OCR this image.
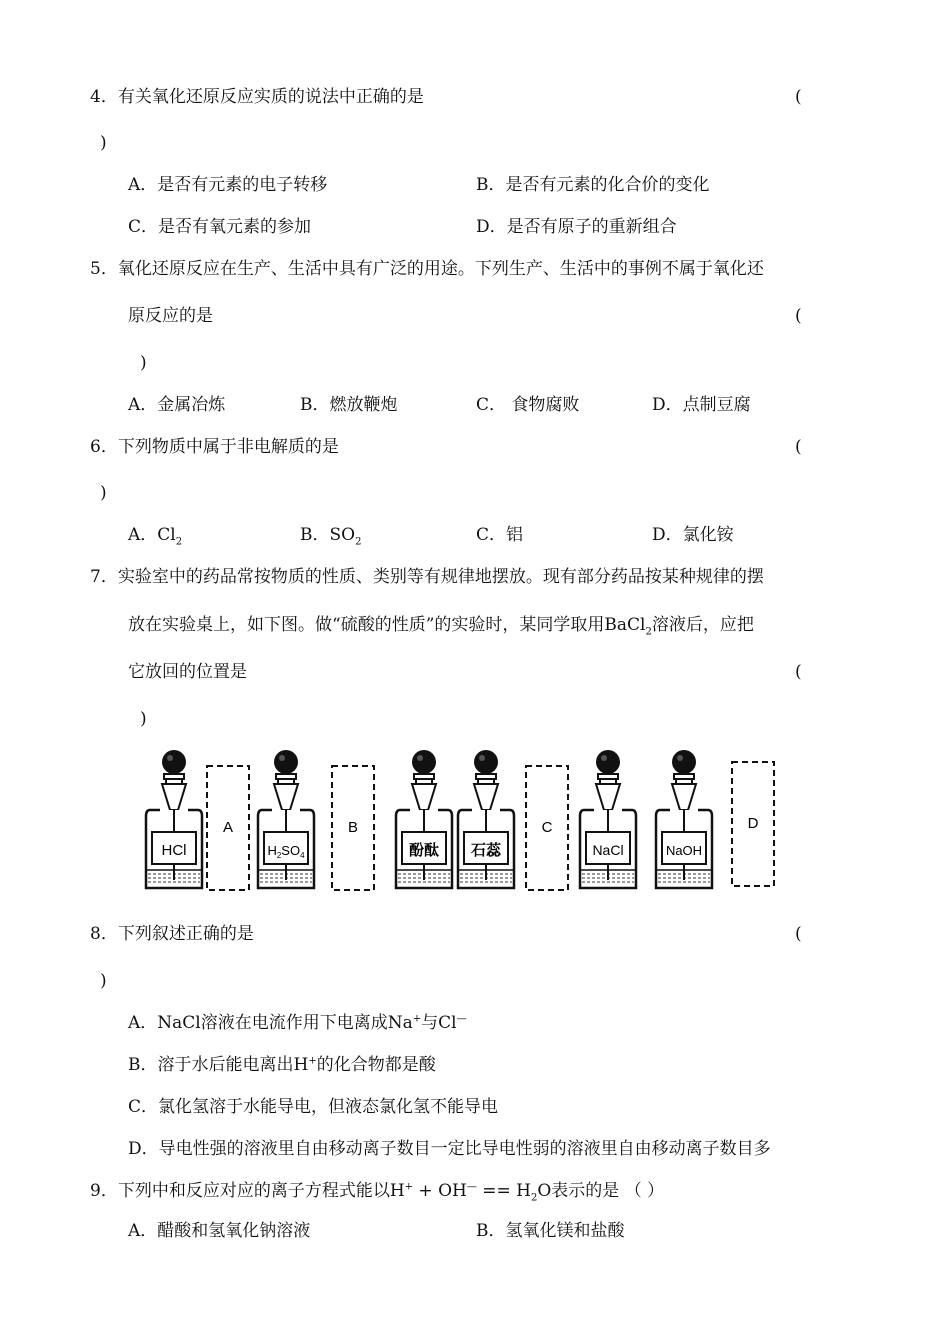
4．有关氧化还原反应实质的说法中正确的是	(
)
A．是否有元素的电子转移	B．是否有元素的化合价的变化
C．是否有氧元素的参加	D．是否有原子的重新组合
5．氧化还原反应在生产、生活中具有广泛的用途。下列生产、生活中的事例不属于氧化还
原反应的是	(
)
A．金属冶炼	B．燃放鞭炮	C． 食物腐败	D．点制豆腐
6．下列物质中属于非电解质的是	(
)
A．$Cl_2$	B．$SO_2$	C．铝	D．氯化铵
7．实验室中的药品常按物质的性质、类别等有规律地摆放。现有部分药品按某种规律的摆
放在实验桌上，如下图。做“硫酸的性质”的实验时，某同学取用BaCl$_2$溶液后，应把
它放回的位置是	(
)
HCl
A
$H_2SO_4$
B
酚酞 石蕊
C
NaCl	NaOH
D
8．下列叙述正确的是	(
)
A．NaCl溶液在电流作用下电离成Na+与Cl—
B．溶于水后能电离出H+的化合物都是酸
C．氯化氢溶于水能导电，但液态氯化氢不能导电
D．导电性强的溶液里自由移动离子数目一定比导电性弱的溶液里自由移动离子数目多
9．下列中和反应对应的离子方程式能以$H^+ + OH^— == H_2O$表示的是 （ ）
A．醋酸和氢氧化钠溶液	B．氢氧化镁和盐酸
